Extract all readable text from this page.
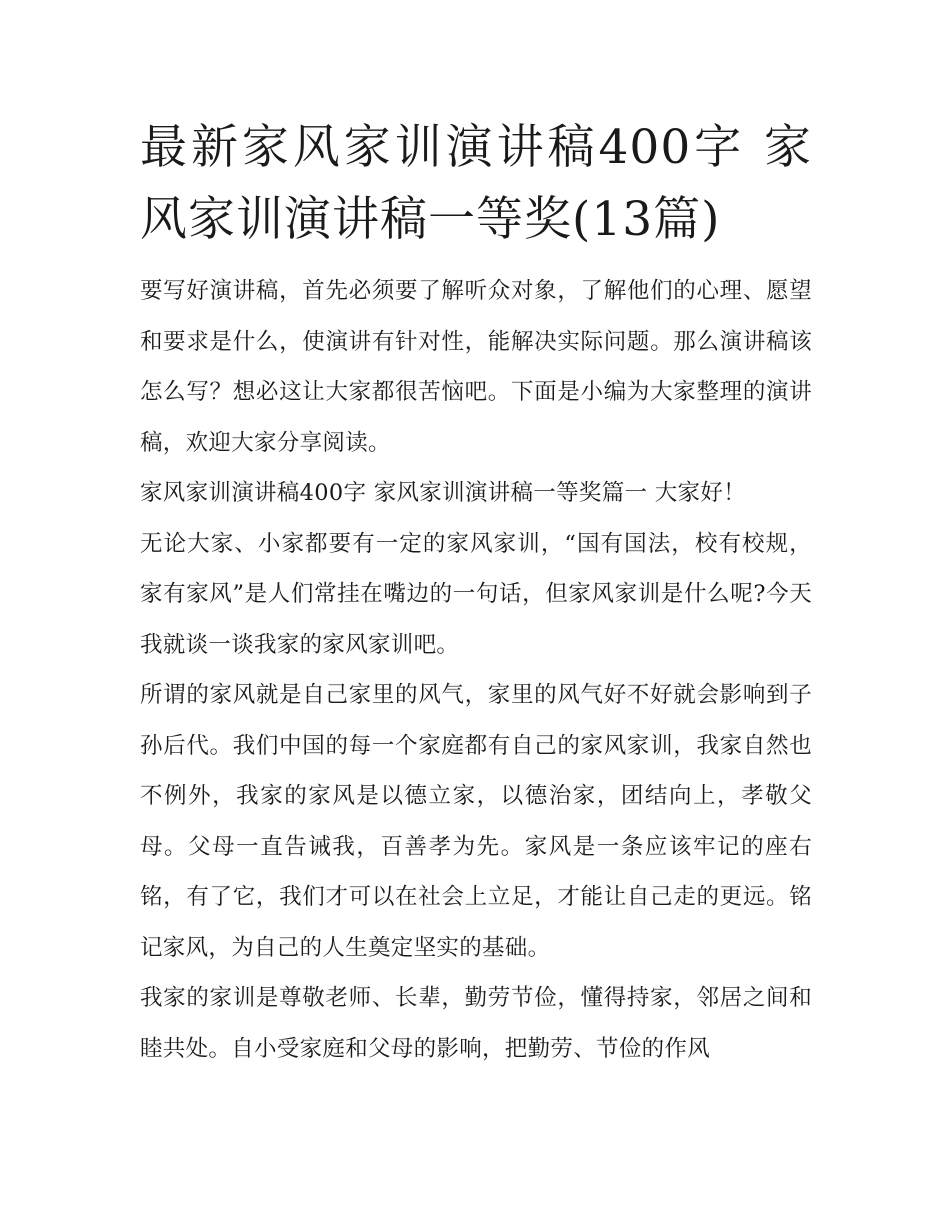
最新家风家训演讲稿400字 家风家训演讲稿一等奖(13篇)

要写好演讲稿，首先必须要了解听众对象，了解他们的心理、愿望和要求是什么，使演讲有针对性，能解决实际问题。那么演讲稿该怎么写？想必这让大家都很苦恼吧。下面是小编为大家整理的演讲稿，欢迎大家分享阅读。

家风家训演讲稿400字 家风家训演讲稿一等奖篇一 大家好！

无论大家、小家都要有一定的家风家训，“国有国法，校有校规，家有家风”是人们常挂在嘴边的一句话，但家风家训是什么呢?今天我就谈一谈我家的家风家训吧。

所谓的家风就是自己家里的风气，家里的风气好不好就会影响到子孙后代。我们中国的每一个家庭都有自己的家风家训，我家自然也不例外，我家的家风是以德立家，以德治家，团结向上，孝敬父母。父母一直告诫我，百善孝为先。家风是一条应该牢记的座右铭，有了它，我们才可以在社会上立足，才能让自己走的更远。铭记家风，为自己的人生奠定坚实的基础。

我家的家训是尊敬老师、长辈，勤劳节俭，懂得持家，邻居之间和睦共处。自小受家庭和父母的影响，把勤劳、节俭的作风
